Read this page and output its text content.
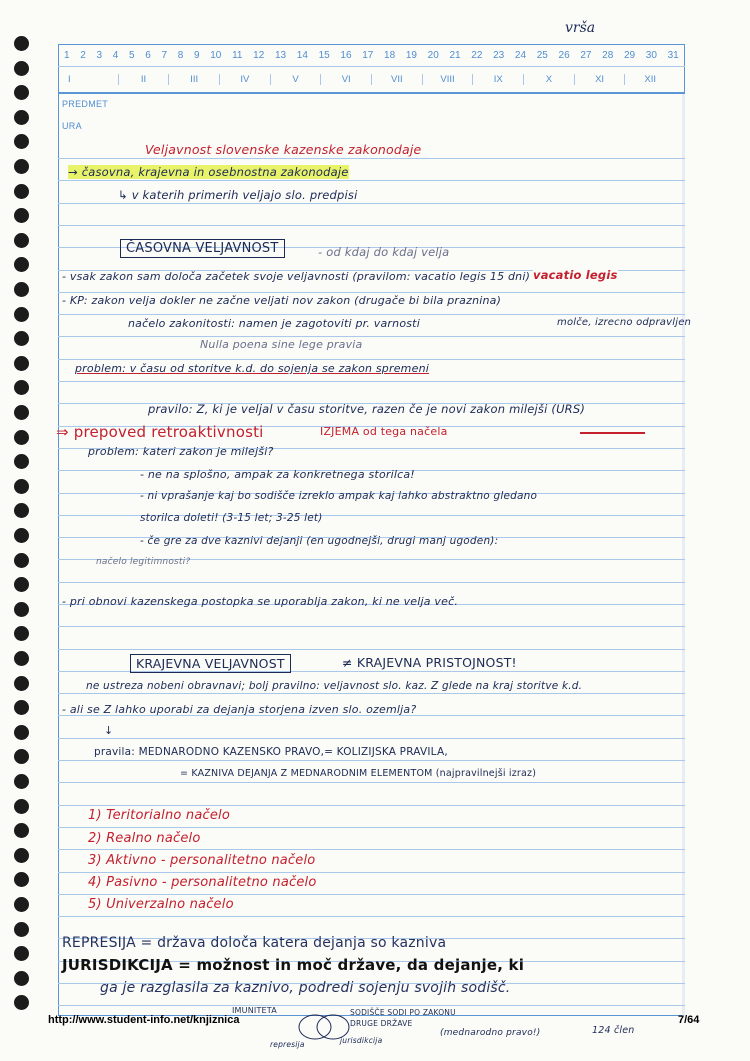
vrša
1 2 3 4 5 6 7 8 9 10 11 12 13 14 15 16 17 18 19 20 21 22 23 24 25 26 27 28 29 30 31
I	II	III	IV	V	VI	VII	VIII	IX	X	XI	XII
PREDMET
URA
Veljavnost slovenske kazenske zakonodaje
→ časovna, krajevna in osebnostna zakonodaje
↳ v katerih primerih veljajo slo. predpisi
ČASOVNA VELJAVNOST	- od kdaj do kdaj velja
- vsak zakon sam določa začetek svoje veljavnosti (pravilom: vacatio legis 15 dni) vacatio legis
- KP: zakon velja dokler ne začne veljati nov zakon (drugače bi bila praznina)
načelo zakonitosti: namen je zagotoviti pr. varnosti	molče, izrecno odpravljen
Nulla poena sine lege pravia
problem: v času od storitve k.d. do sojenja se zakon spremeni
pravilo: Z, ki je veljal v času storitve, razen če je novi zakon milejši (URS)
⇒ prepoved retroaktivnosti	IZJEMA od tega načela
problem: kateri zakon je milejši?
- ne na splošno, ampak za konkretnega storilca!
- ni vprašanje kaj bo sodišče izreklo ampak kaj lahko abstraktno gledano
storilca doleti! (3-15 let; 3-25 let)
- če gre za dve kaznivi dejanji (en ugodnejši, drugi manj ugoden):
načelo legitimnosti?
- pri obnovi kazenskega postopka se uporablja zakon, ki ne velja več.
KRAJEVNA VELJAVNOST	≠ KRAJEVNA PRISTOJNOST!
ne ustreza nobeni obravnavi; bolj pravilno: veljavnost slo. kaz. Z glede na kraj storitve k.d.
- ali se Z lahko uporabi za dejanja storjena izven slo. ozemlja?
↓
pravila: MEDNARODNO KAZENSKO PRAVO,= KOLIZIJSKA PRAVILA,
= KAZNIVA DEJANJA Z MEDNARODNIM ELEMENTOM (najpravilnejši izraz)
1) Teritorialno načelo
2) Realno načelo
3) Aktivno - personalitetno načelo
4) Pasivno - personalitetno načelo
5) Univerzalno načelo
REPRESIJA = država določa katera dejanja so kazniva
JURISDIKCIJA = možnost in moč države, da dejanje, ki
ga je razglasila za kaznivo, podredi sojenju svojih sodišč.
IMUNITETA	SODIŠČE SODI PO ZAKONU DRUGE DRŽAVE
(mednarodno pravo!)	124 člen
represija	jurisdikcija
http://www.student-info.net/knjiznica	7/64
